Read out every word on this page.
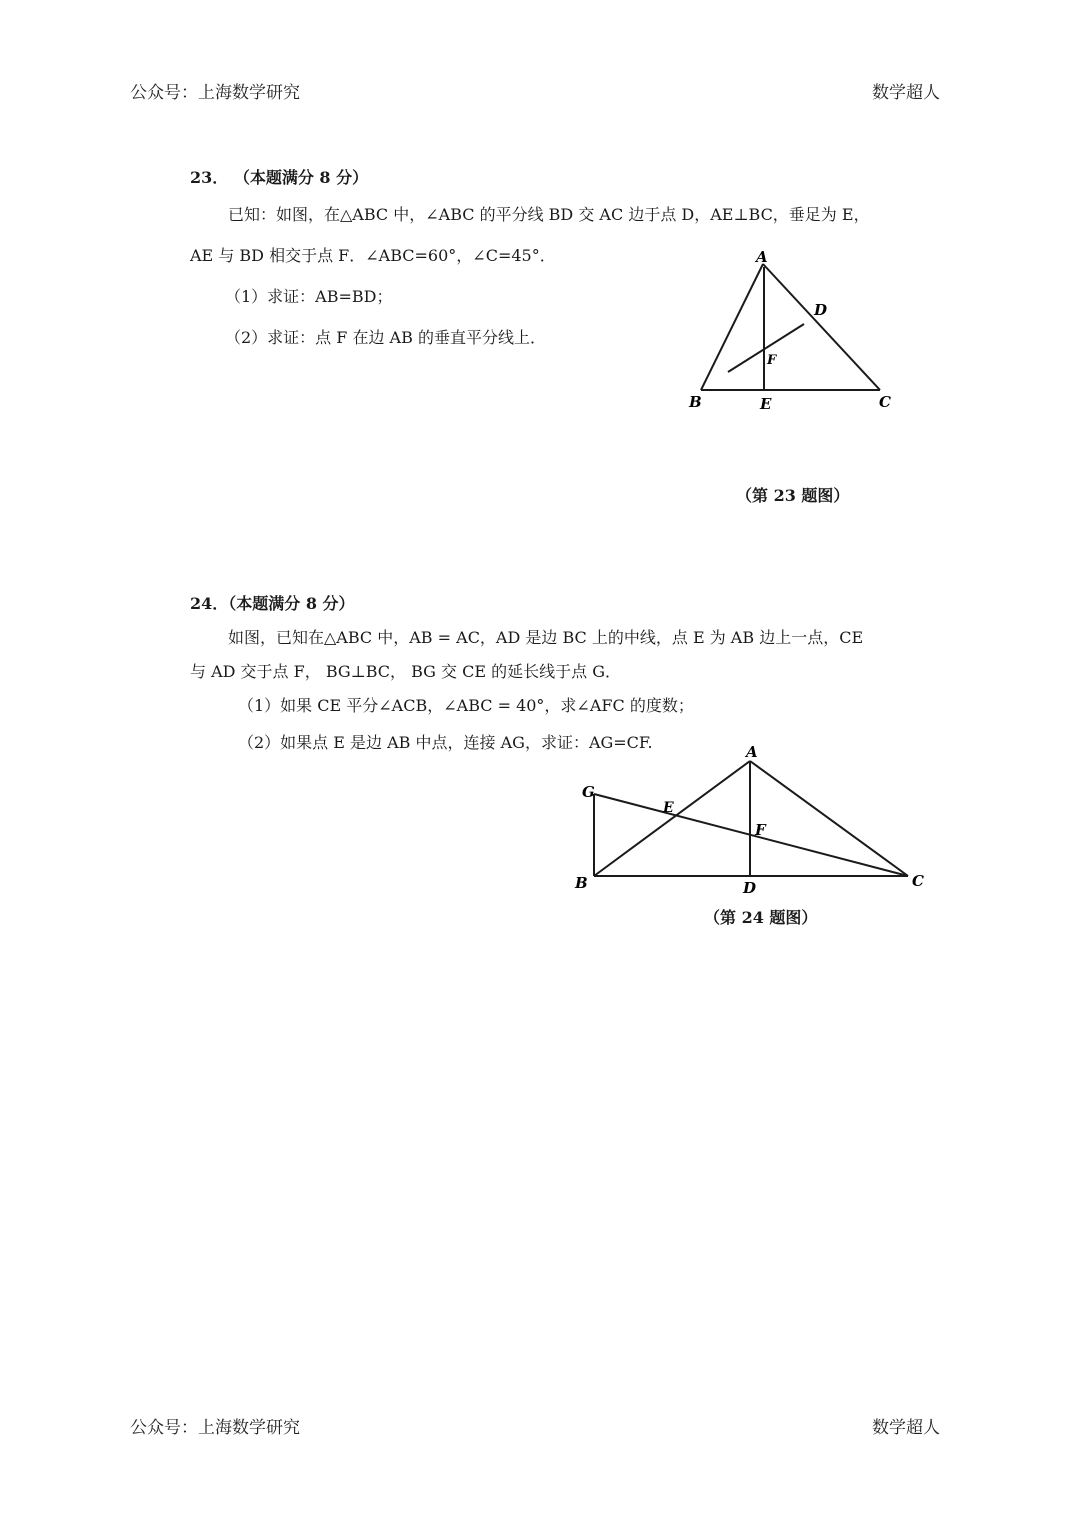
公众号：上海数学研究	数学超人
23． （本题满分 8 分）
已知：如图，在△ABC 中，∠ABC 的平分线 BD 交 AC 边于点 D，AE⊥BC，垂足为 E，
AE 与 BD 相交于点 F．∠ABC=60°，∠C=45°．
（1）求证：AB=BD；
（2）求证：点 F 在边 AB 的垂直平分线上．
A
B	C
D
E
F
（第 23 题图）
24．（本题满分 8 分）
如图，已知在△ABC 中，AB = AC，AD 是边 BC 上的中线，点 E 为 AB 边上一点，CE
与 AD 交于点 F， BG⊥BC， BG 交 CE 的延长线于点 G．
（1）如果 CE 平分∠ACB，∠ABC = 40°，求∠AFC 的度数；
（2）如果点 E 是边 AB 中点，连接 AG，求证：AG=CF.	A
B	C
D
E
F
G
（第 24 题图）
公众号：上海数学研究	数学超人
